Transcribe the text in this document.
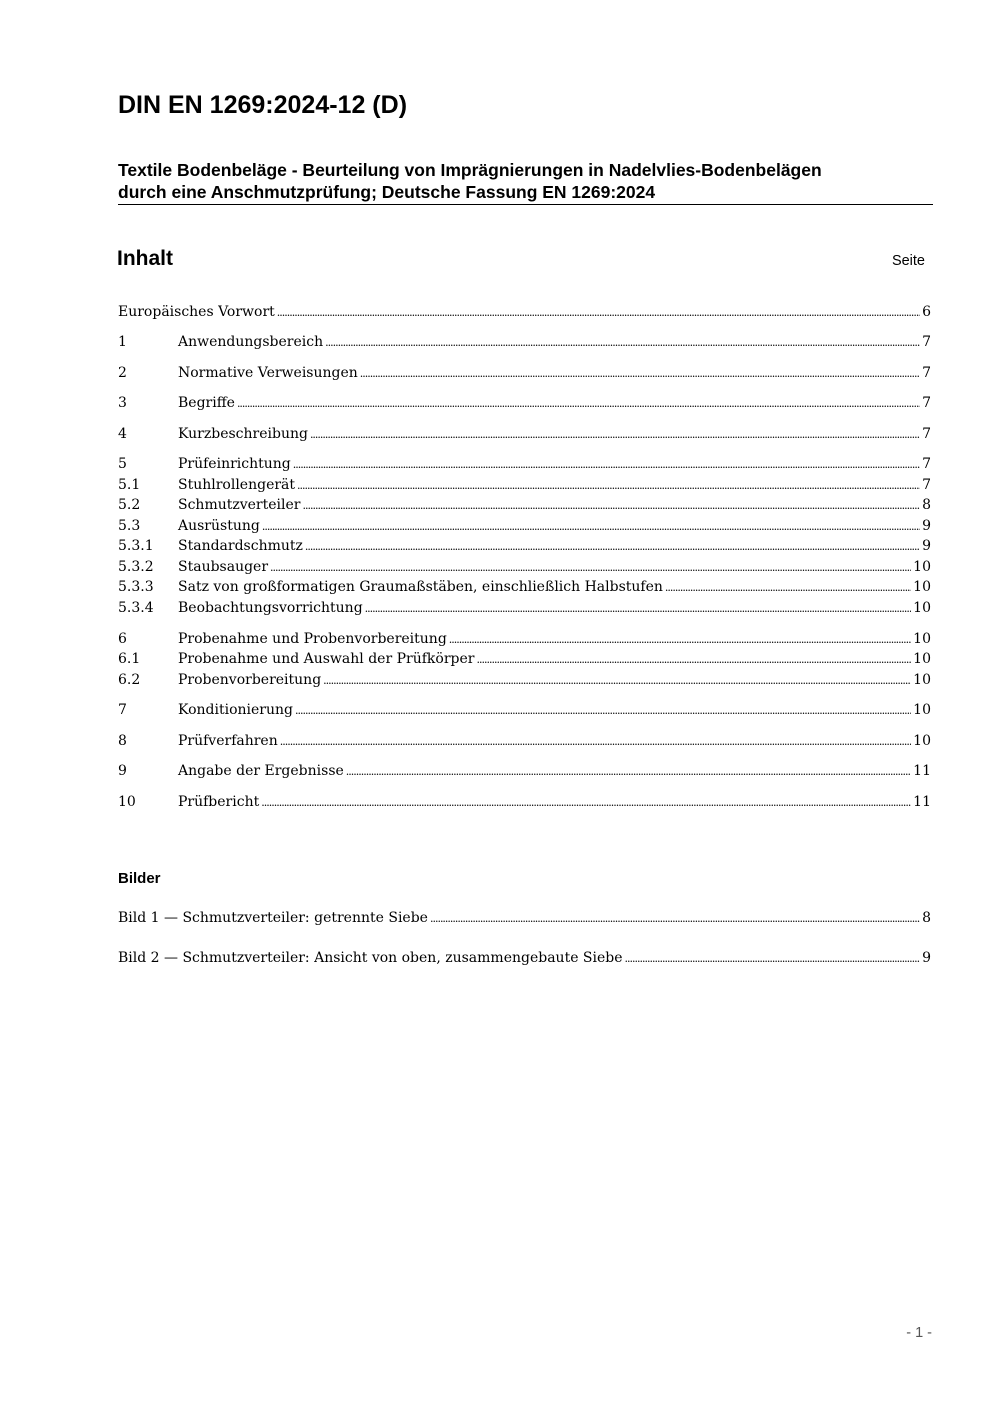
DIN EN 1269:2024-12 (D)
Textile Bodenbeläge - Beurteilung von Imprägnierungen in Nadelvlies-Bodenbelägen
durch eine Anschmutzprüfung; Deutsche Fassung EN 1269:2024
Inhalt	Seite
Europäisches Vorwort .....	6
1	Anwendungsbereich .....	7
2	Normative Verweisungen .....	7
3	Begriffe .....	7
4	Kurzbeschreibung .....	7
5	Prüfeinrichtung .....	7
5.1	Stuhlrollengerät .....	7
5.2	Schmutzverteiler .....	8
5.3	Ausrüstung .....	9
5.3.1	Standardschmutz .....	9
5.3.2	Staubsauger .....	10
5.3.3	Satz von großformatigen Graumaßstäben, einschließlich Halbstufen .....	10
5.3.4	Beobachtungsvorrichtung .....	10
6	Probenahme und Probenvorbereitung .....	10
6.1	Probenahme und Auswahl der Prüfkörper .....	10
6.2	Probenvorbereitung .....	10
7	Konditionierung .....	10
8	Prüfverfahren .....	10
9	Angabe der Ergebnisse .....	11
10	Prüfbericht .....	11
Bilder
Bild 1 — Schmutzverteiler: getrennte Siebe .....	8
Bild 2 — Schmutzverteiler: Ansicht von oben, zusammengebaute Siebe .....	9
- 1 -
